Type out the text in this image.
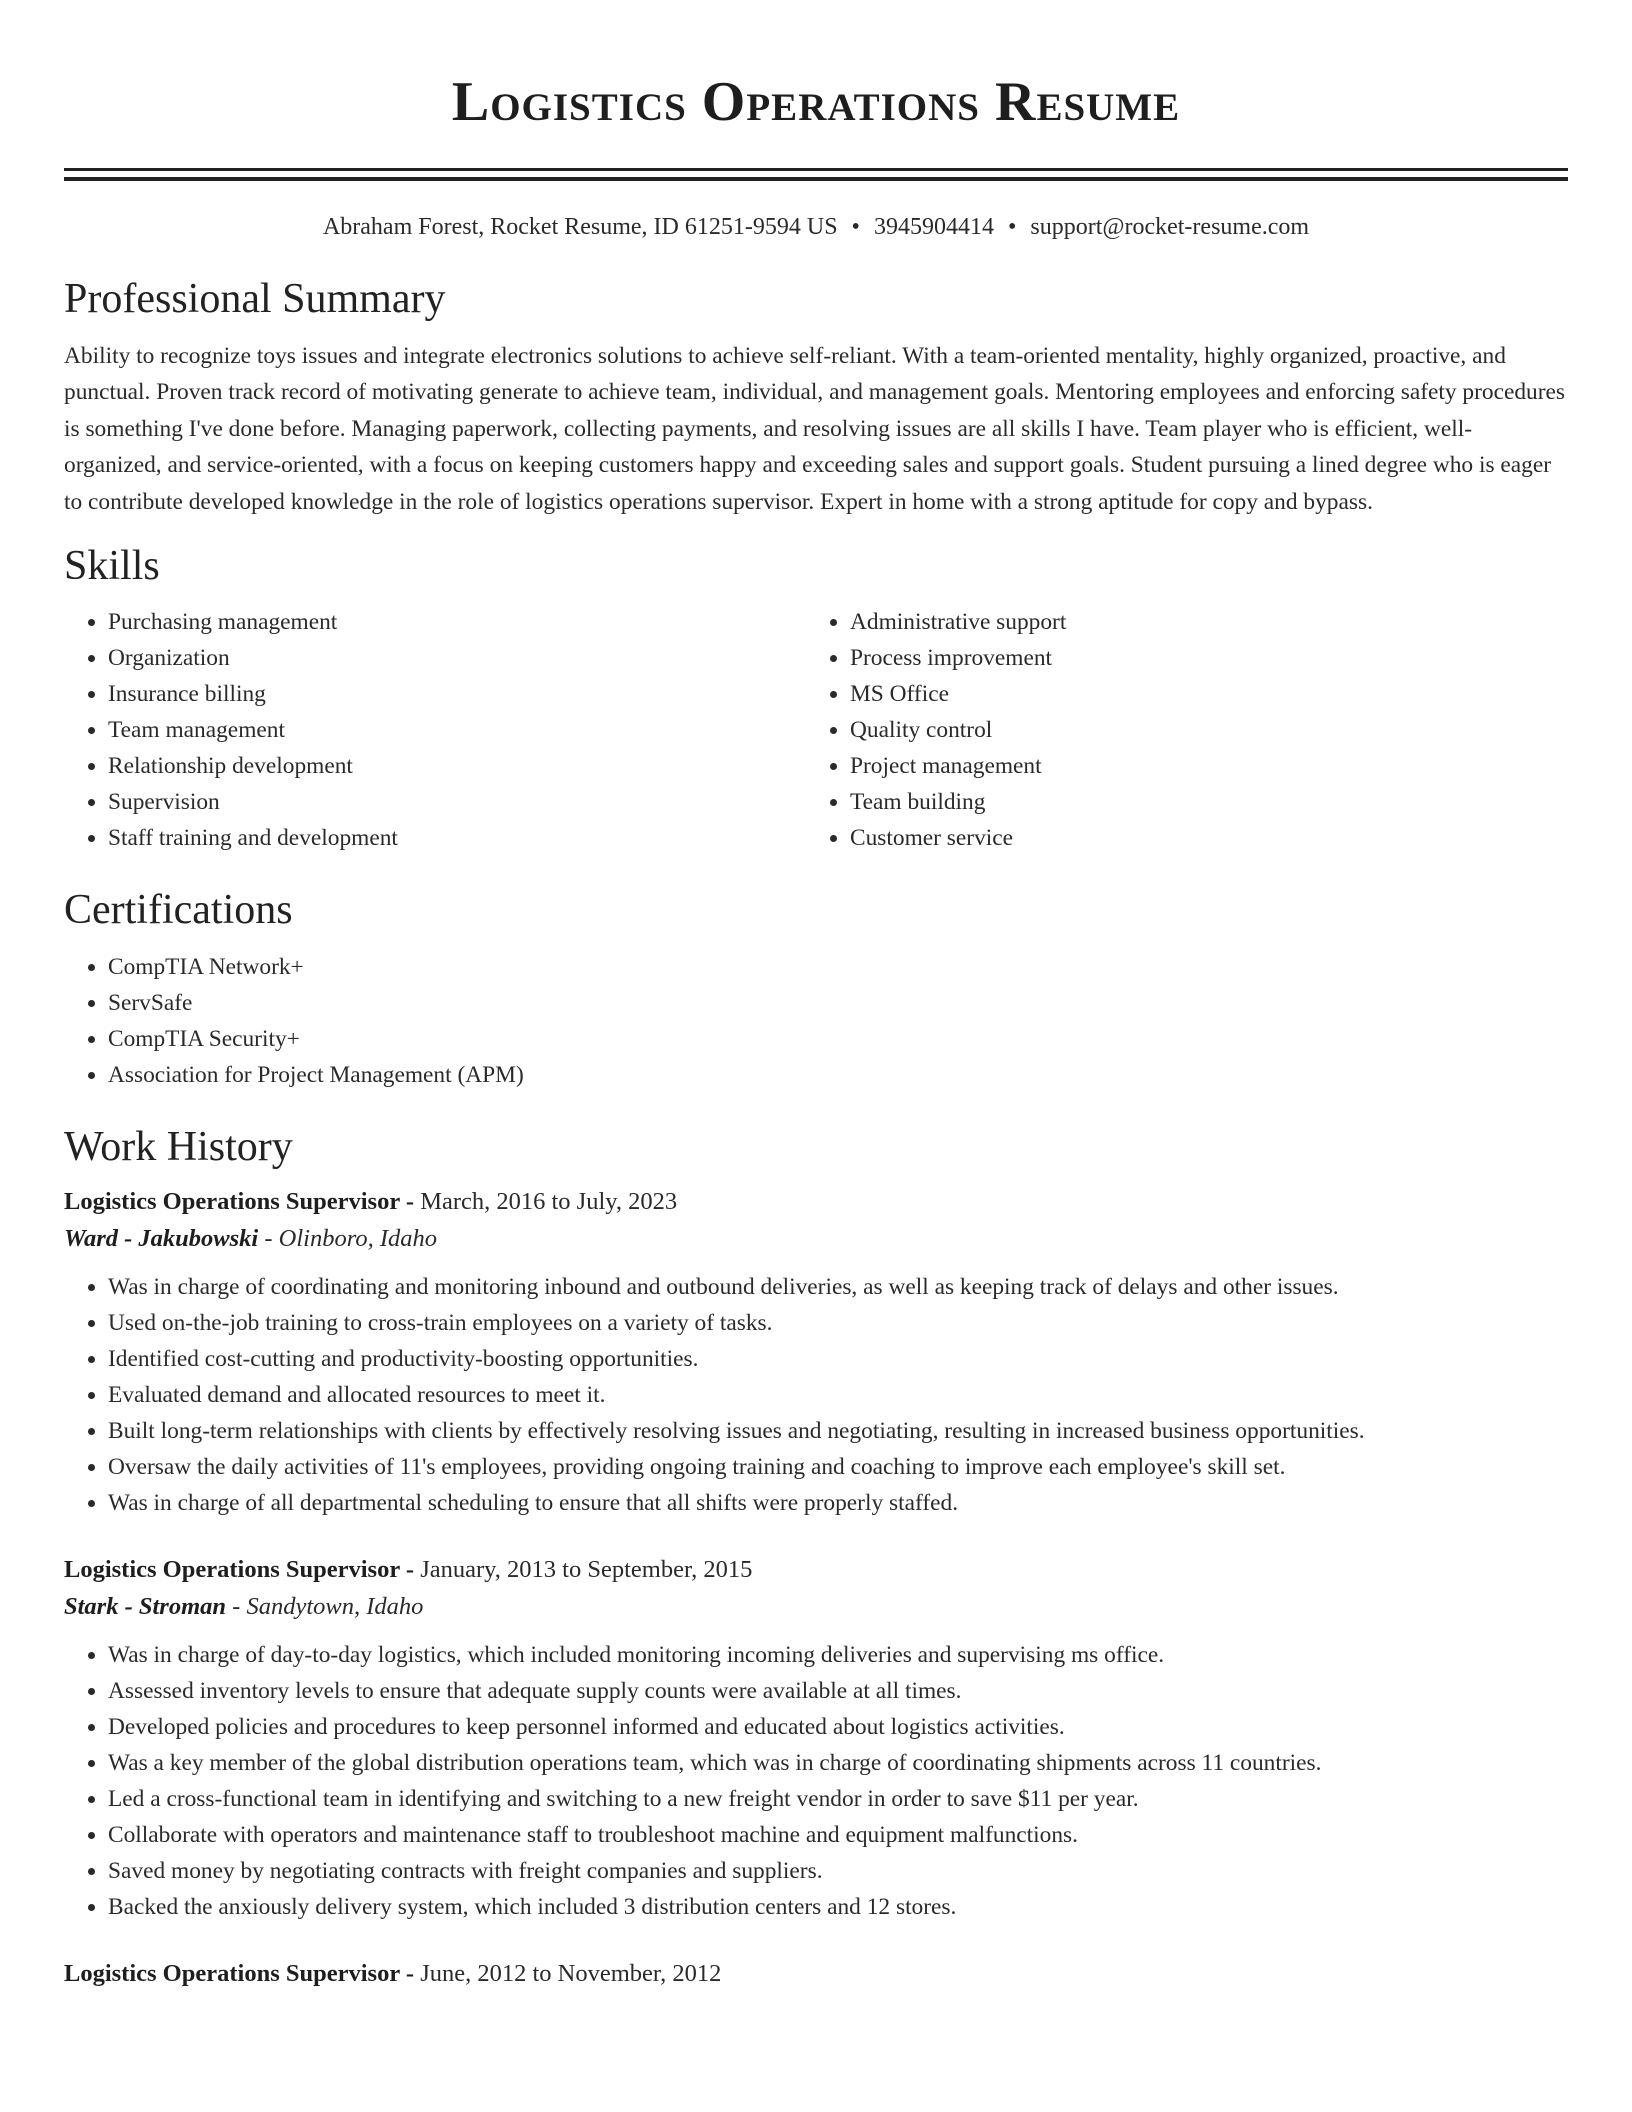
Logistics Operations Resume
Abraham Forest, Rocket Resume, ID 61251-9594 US • 3945904414 • support@rocket-resume.com
Professional Summary
Ability to recognize toys issues and integrate electronics solutions to achieve self-reliant. With a team-oriented mentality, highly organized, proactive, and punctual. Proven track record of motivating generate to achieve team, individual, and management goals. Mentoring employees and enforcing safety procedures is something I've done before. Managing paperwork, collecting payments, and resolving issues are all skills I have. Team player who is efficient, well-organized, and service-oriented, with a focus on keeping customers happy and exceeding sales and support goals. Student pursuing a lined degree who is eager to contribute developed knowledge in the role of logistics operations supervisor. Expert in home with a strong aptitude for copy and bypass.
Skills
• Purchasing management
• Organization
• Insurance billing
• Team management
• Relationship development
• Supervision
• Staff training and development
• Administrative support
• Process improvement
• MS Office
• Quality control
• Project management
• Team building
• Customer service
Certifications
• CompTIA Network+
• ServSafe
• CompTIA Security+
• Association for Project Management (APM)
Work History
Logistics Operations Supervisor - March, 2016 to July, 2023
Ward - Jakubowski - Olinboro, Idaho
• Was in charge of coordinating and monitoring inbound and outbound deliveries, as well as keeping track of delays and other issues.
• Used on-the-job training to cross-train employees on a variety of tasks.
• Identified cost-cutting and productivity-boosting opportunities.
• Evaluated demand and allocated resources to meet it.
• Built long-term relationships with clients by effectively resolving issues and negotiating, resulting in increased business opportunities.
• Oversaw the daily activities of 11's employees, providing ongoing training and coaching to improve each employee's skill set.
• Was in charge of all departmental scheduling to ensure that all shifts were properly staffed.
Logistics Operations Supervisor - January, 2013 to September, 2015
Stark - Stroman - Sandytown, Idaho
• Was in charge of day-to-day logistics, which included monitoring incoming deliveries and supervising ms office.
• Assessed inventory levels to ensure that adequate supply counts were available at all times.
• Developed policies and procedures to keep personnel informed and educated about logistics activities.
• Was a key member of the global distribution operations team, which was in charge of coordinating shipments across 11 countries.
• Led a cross-functional team in identifying and switching to a new freight vendor in order to save $11 per year.
• Collaborate with operators and maintenance staff to troubleshoot machine and equipment malfunctions.
• Saved money by negotiating contracts with freight companies and suppliers.
• Backed the anxiously delivery system, which included 3 distribution centers and 12 stores.
Logistics Operations Supervisor - June, 2012 to November, 2012
